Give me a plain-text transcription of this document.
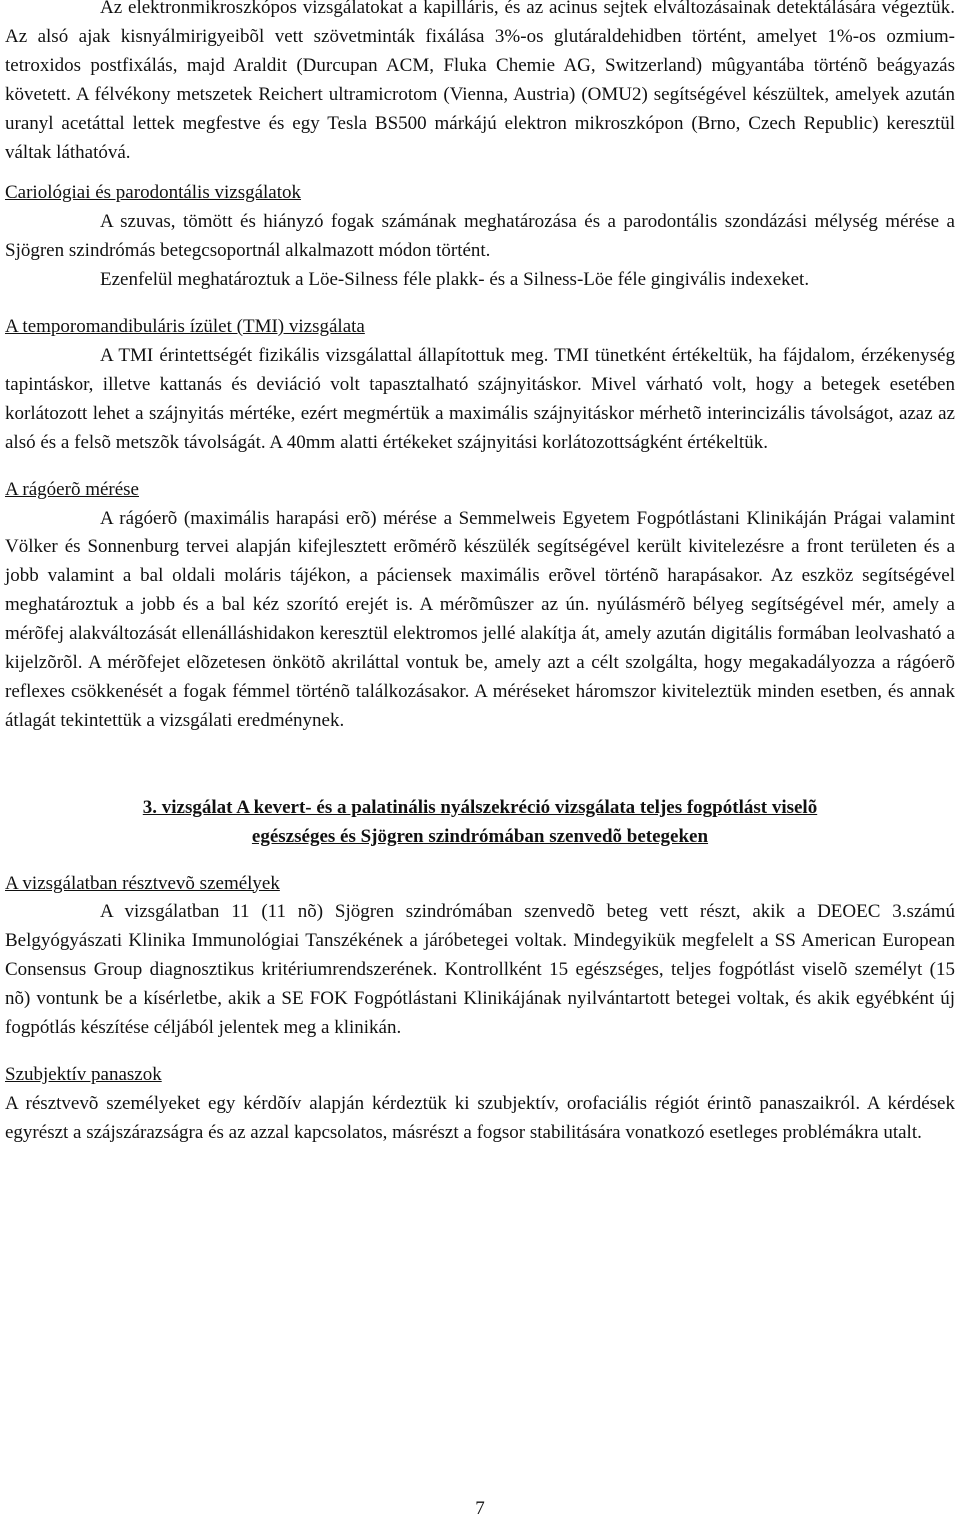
Az elektronmikroszkópos vizsgálatokat a kapilláris, és az acinus sejtek elváltozásainak detektálására végeztük. Az alsó ajak kisnyálmirigyeibõl vett szövetminták fixálása 3%-os glutáraldehidben történt, amelyet 1%-os ozmium-tetroxidos postfixálás, majd Araldit (Durcupan ACM, Fluka Chemie AG, Switzerland) mûgyantába történõ beágyazás követett. A félvékony metszetek Reichert ultramicrotom (Vienna, Austria) (OMU2) segítségével készültek, amelyek azután uranyl acetáttal lettek megfestve és egy Tesla BS500 márkájú elektron mikroszkópon (Brno, Czech Republic) keresztül váltak láthatóvá.

Cariológiai és parodontális vizsgálatok

A szuvas, tömött és hiányzó fogak számának meghatározása és a parodontális szondázási mélység mérése a Sjögren szindrómás betegcsoportnál alkalmazott módon történt.

Ezenfelül meghatároztuk a Löe-Silness féle plakk- és a Silness-Löe féle gingivális indexeket.

A temporomandibuláris ízület (TMI) vizsgálata

A TMI érintettségét fizikális vizsgálattal állapítottuk meg. TMI tünetként értékeltük, ha fájdalom, érzékenység tapintáskor, illetve kattanás és deviáció volt tapasztalható szájnyitáskor. Mivel várható volt, hogy a betegek esetében korlátozott lehet a szájnyitás mértéke, ezért megmértük a maximális szájnyitáskor mérhetõ interincizális távolságot, azaz az alsó és a felsõ metszõk távolságát. A 40mm alatti értékeket szájnyitási korlátozottságként értékeltük.

A rágóerõ mérése

A rágóerõ (maximális harapási erõ) mérése a Semmelweis Egyetem Fogpótlástani Klinikáján Prágai valamint Völker és Sonnenburg tervei alapján kifejlesztett erõmérõ készülék segítségével került kivitelezésre a front területen és a jobb valamint a bal oldali moláris tájékon, a páciensek maximális erõvel történõ harapásakor. Az eszköz segítségével meghatároztuk a jobb és a bal kéz szorító erejét is. A mérõmûszer az ún. nyúlásmérõ bélyeg segítségével mér, amely a mérõfej alakváltozását ellenálláshidakon keresztül elektromos jellé alakítja át, amely azután digitális formában leolvasható a kijelzõrõl. A mérõfejet elõzetesen önkötõ akriláttal vontuk be, amely azt a célt szolgálta, hogy megakadályozza a rágóerõ reflexes csökkenését a fogak fémmel történõ találkozásakor. A méréseket háromszor kiviteleztük minden esetben, és annak átlagát tekintettük a vizsgálati eredménynek.

3. vizsgálat A kevert- és a palatinális nyálszekréció vizsgálata teljes fogpótlást viselõ
egészséges és Sjögren szindrómában szenvedõ betegeken
A vizsgálatban résztvevõ személyek

A vizsgálatban 11 (11 nõ) Sjögren szindrómában szenvedõ beteg vett részt, akik a DEOEC 3.számú Belgyógyászati Klinika Immunológiai Tanszékének a járóbetegei voltak. Mindegyikük megfelelt a SS American European Consensus Group diagnosztikus kritériumrendszerének. Kontrollként 15 egészséges, teljes fogpótlást viselõ személyt (15 nõ) vontunk be a kísérletbe, akik a SE FOK Fogpótlástani Klinikájának nyilvántartott betegei voltak, és akik egyébként új fogpótlás készítése céljából jelentek meg a klinikán.

Szubjektív panaszok

A résztvevõ személyeket egy kérdõív alapján kérdeztük ki szubjektív, orofaciális régiót érintõ panaszaikról. A kérdések egyrészt a szájszárazságra és az azzal kapcsolatos, másrészt a fogsor stabilitására vonatkozó esetleges problémákra utalt.

7
